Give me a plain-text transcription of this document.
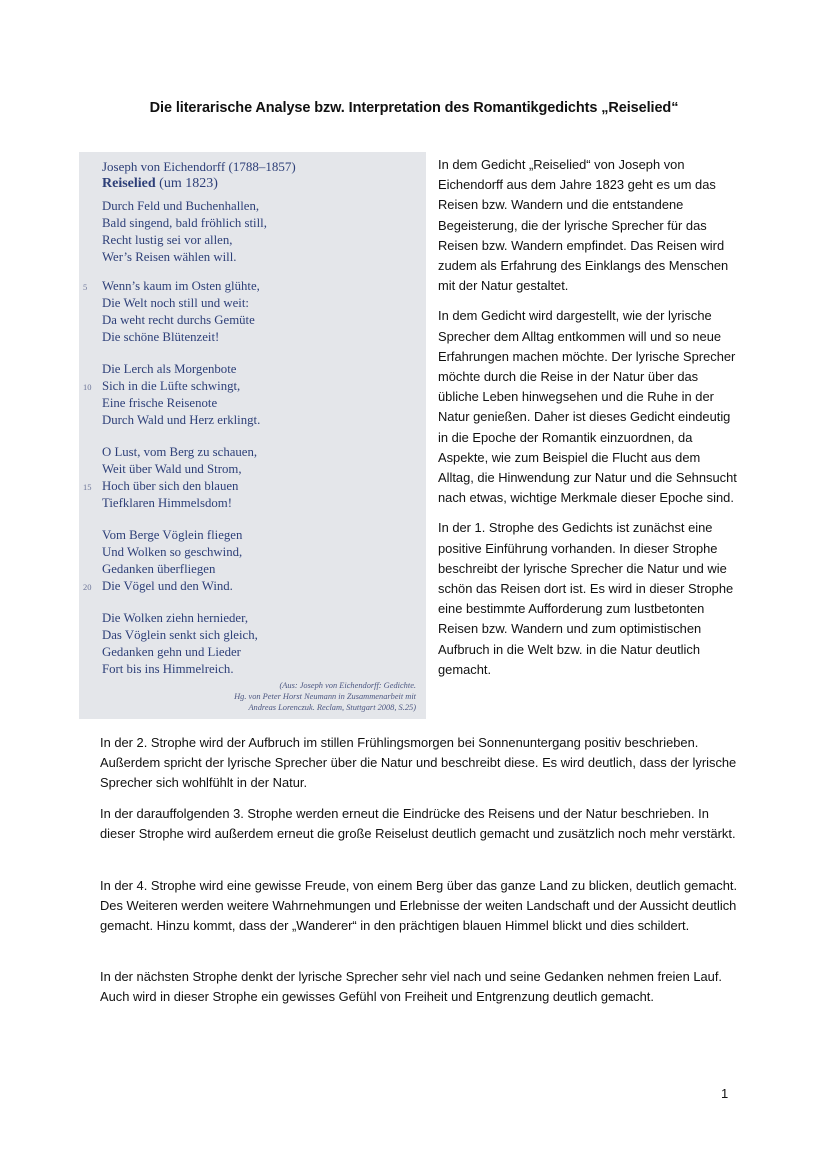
Die literarische Analyse bzw. Interpretation des Romantikgedichts „Reiselied“
Joseph von Eichendorff (1788–1857)
Reiselied (um 1823)
Durch Feld und Buchenhallen,
Bald singend, bald fröhlich still,
Recht lustig sei vor allen,
Wer’s Reisen wählen will.
5 Wenn’s kaum im Osten glühte,
Die Welt noch still und weit:
Da weht recht durchs Gemüte
Die schöne Blütenzeit!
Die Lerch als Morgenbote
10 Sich in die Lüfte schwingt,
Eine frische Reisenote
Durch Wald und Herz erklingt.
O Lust, vom Berg zu schauen,
Weit über Wald und Strom,
15 Hoch über sich den blauen
Tiefklaren Himmelsdom!
Vom Berge Vöglein fliegen
Und Wolken so geschwind,
Gedanken überfliegen
20 Die Vögel und den Wind.
Die Wolken ziehn hernieder,
Das Vöglein senkt sich gleich,
Gedanken gehn und Lieder
Fort bis ins Himmelreich.
(Aus: Joseph von Eichendorff: Gedichte.
Hg. von Peter Horst Neumann in Zusammenarbeit mit
Andreas Lorenczuk. Reclam, Stuttgart 2008, S.25)

In dem Gedicht „Reiselied“ von Joseph von Eichendorff aus dem Jahre 1823 geht es um das Reisen bzw. Wandern und die entstandene Begeisterung, die der lyrische Sprecher für das Reisen bzw. Wandern empfindet. Das Reisen wird zudem als Erfahrung des Einklangs des Menschen mit der Natur gestaltet.

In dem Gedicht wird dargestellt, wie der lyrische Sprecher dem Alltag entkommen will und so neue Erfahrungen machen möchte. Der lyrische Sprecher möchte durch die Reise in der Natur über das übliche Leben hinwegsehen und die Ruhe in der Natur genießen. Daher ist dieses Gedicht eindeutig in die Epoche der Romantik einzuordnen, da Aspekte, wie zum Beispiel die Flucht aus dem Alltag, die Hinwendung zur Natur und die Sehnsucht nach etwas, wichtige Merkmale dieser Epoche sind.

In der 1. Strophe des Gedichts ist zunächst eine positive Einführung vorhanden. In dieser Strophe beschreibt der lyrische Sprecher die Natur und wie schön das Reisen dort ist. Es wird in dieser Strophe eine bestimmte Aufforderung zum lustbetonten Reisen bzw. Wandern und zum optimistischen Aufbruch in die Welt bzw. in die Natur deutlich gemacht.

In der 2. Strophe wird der Aufbruch im stillen Frühlingsmorgen bei Sonnenuntergang positiv beschrieben. Außerdem spricht der lyrische Sprecher über die Natur und beschreibt diese. Es wird deutlich, dass der lyrische Sprecher sich wohlfühlt in der Natur.

In der darauffolgenden 3. Strophe werden erneut die Eindrücke des Reisens und der Natur beschrieben. In dieser Strophe wird außerdem erneut die große Reiselust deutlich gemacht und zusätzlich noch mehr verstärkt.

In der 4. Strophe wird eine gewisse Freude, von einem Berg über das ganze Land zu blicken, deutlich gemacht. Des Weiteren werden weitere Wahrnehmungen und Erlebnisse der weiten Landschaft und der Aussicht deutlich gemacht. Hinzu kommt, dass der „Wanderer“ in den prächtigen blauen Himmel blickt und dies schildert.

In der nächsten Strophe denkt der lyrische Sprecher sehr viel nach und seine Gedanken nehmen freien Lauf. Auch wird in dieser Strophe ein gewisses Gefühl von Freiheit und Entgrenzung deutlich gemacht.

1
